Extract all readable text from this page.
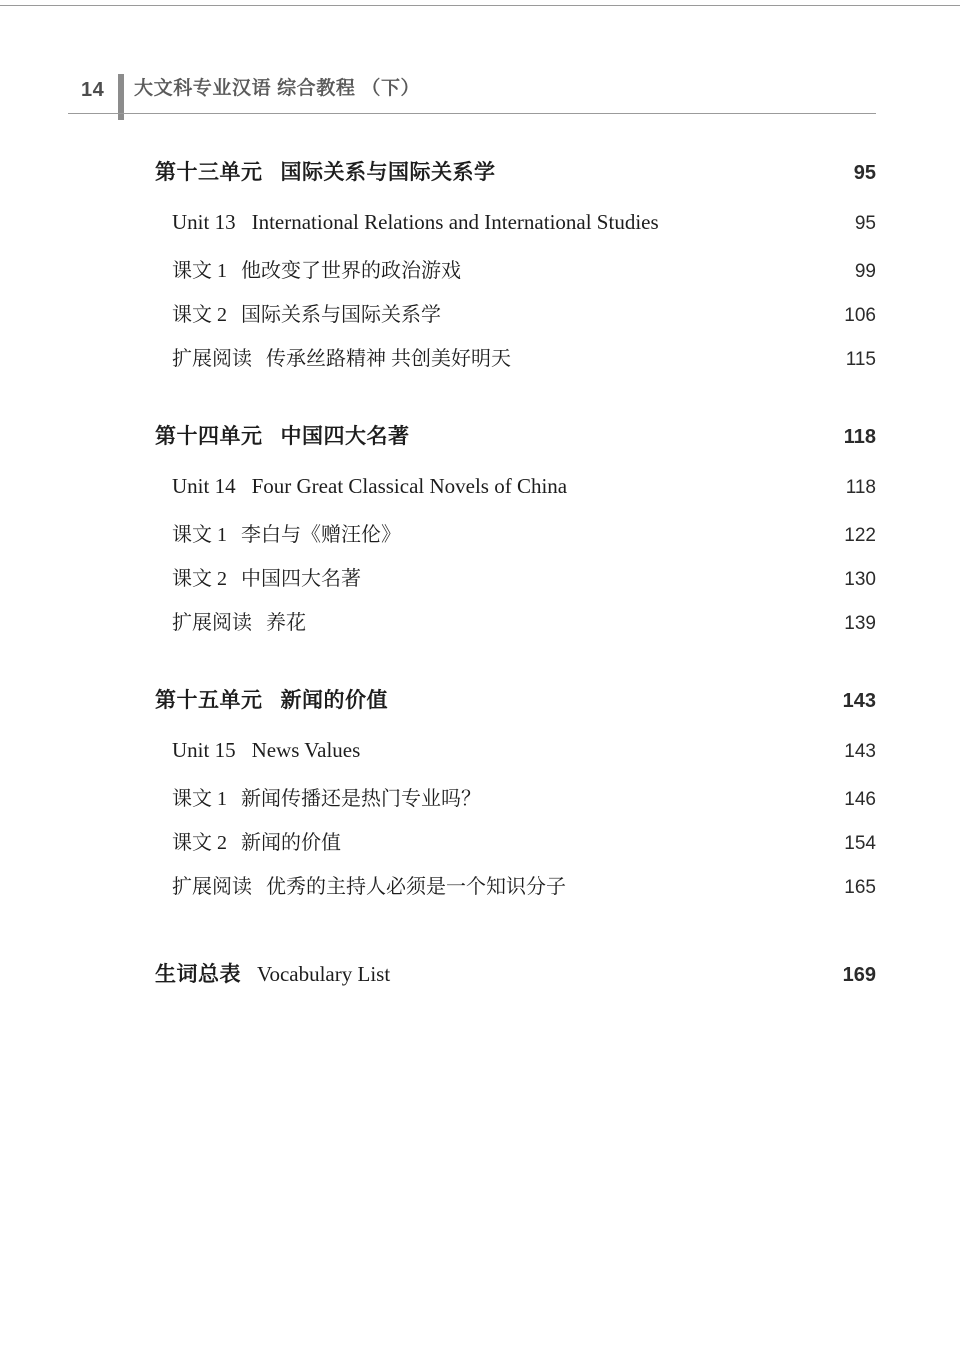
14 大文科专业汉语 综合教程 （下）
第十三单元 国际关系与国际关系学	95
Unit 13 International Relations and International Studies	95
课文 1 他改变了世界的政治游戏	99
课文 2 国际关系与国际关系学	106
扩展阅读 传承丝路精神 共创美好明天	115
第十四单元 中国四大名著	118
Unit 14 Four Great Classical Novels of China	118
课文 1 李白与《赠汪伦》	122
课文 2 中国四大名著	130
扩展阅读 养花	139
第十五单元 新闻的价值	143
Unit 15 News Values	143
课文 1 新闻传播还是热门专业吗？	146
课文 2 新闻的价值	154
扩展阅读 优秀的主持人必须是一个知识分子	165
生词总表 Vocabulary List	169
